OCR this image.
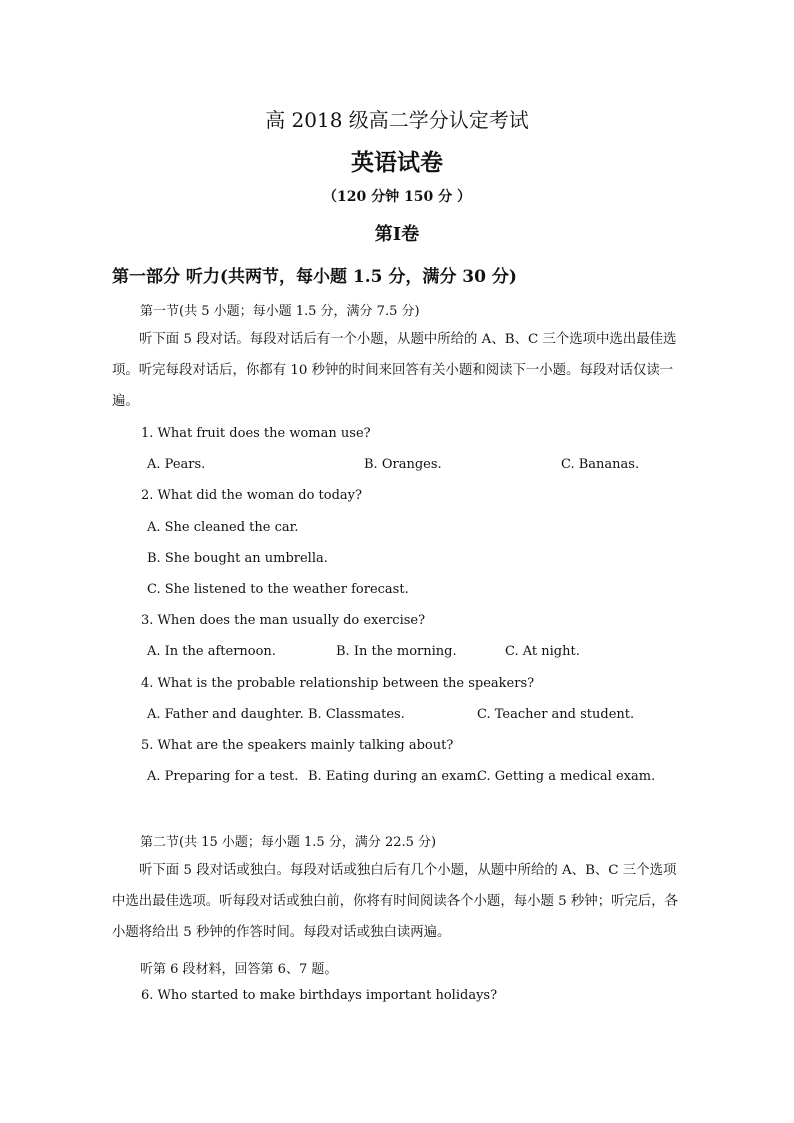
高 2018 级高二学分认定考试
英语试卷
（120 分钟 150 分 ）
第Ⅰ卷
第一部分 听力(共两节，每小题 1.5 分，满分 30 分)
第一节(共 5 小题；每小题 1.5 分，满分 7.5 分)

听下面 5 段对话。每段对话后有一个小题，从题中所给的 A、B、C 三个选项中选出最佳选项。听完每段对话后，你都有 10 秒钟的时间来回答有关小题和阅读下一小题。每段对话仅读一遍。

1. What fruit does the woman use?
A. Pears.	B. Oranges.	C. Bananas.
2. What did the woman do today?
A. She cleaned the car.
B. She bought an umbrella.
C. She listened to the weather forecast.
3. When does the man usually do exercise?
A. In the afternoon.	B. In the morning.	C. At night.
4. What is the probable relationship between the speakers?
A. Father and daughter. B. Classmates.	C. Teacher and student.
5. What are the speakers mainly talking about?
A. Preparing for a test. B. Eating during an exam.
C. Getting a medical exam.
第二节(共 15 小题；每小题 1.5 分，满分 22.5 分)

听下面 5 段对话或独白。每段对话或独白后有几个小题，从题中所给的 A、B、C 三个选项中选出最佳选项。听每段对话或独白前，你将有时间阅读各个小题，每小题 5 秒钟；听完后，各小题将给出 5 秒钟的作答时间。每段对话或独白读两遍。

听第 6 段材料，回答第 6、7 题。
6. Who started to make birthdays important holidays?
